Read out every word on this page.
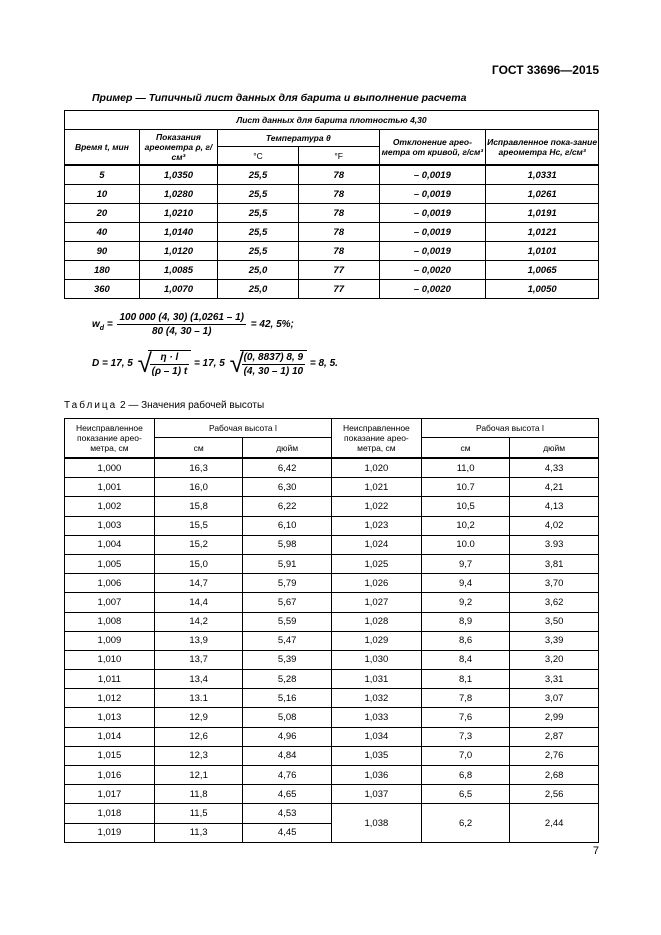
ГОСТ 33696—2015
Пример — Типичный лист данных для барита и выполнение расчета
Лист данных для барита плотностью 4,30					
Время t, мин	Показания ареометра ρ, г/см³	Температура θ		Отклонение арео-метра от кривой, г/см³	Исправленное пока-зание ареометра Hc, г/см³
		°C	°F		
5	1,0350	25,5	78	– 0,0019	1,0331
10	1,0280	25,5	78	– 0,0019	1,0261
20	1,0210	25,5	78	– 0,0019	1,0191
40	1,0140	25,5	78	– 0,0019	1,0121
90	1,0120	25,5	78	– 0,0019	1,0101
180	1,0085	25,0	77	– 0,0020	1,0065
360	1,0070	25,0	77	– 0,0020	1,0050
$w_d = \frac{100 000 (4, 30) (1,0261 - 1)}{80 (4, 30 - 1)} = 42$, 5%;
D = 17, 5 √
$\frac{\eta \cdot l}{(\rho - 1) t} = 17$, 5 √
$\frac{(0, 8837) 8, 9}{(4, 30 - 1) 10} = 8$, 5.
Таблица 2 — Значения рабочей высоты
Неисправленное показание арео-метра, см	Рабочая высота l		Неисправленное показание арео-метра, см	Рабочая высота l	
	см	дюйм		см	дюйм
1,000	16,3	6,42	1,020	11,0	4,33
1,001	16,0	6,30	1,021	10.7	4,21
1,002	15,8	6,22	1,022	10,5	4,13
1,003	15,5	6,10	1,023	10,2	4,02
1,004	15,2	5,98	1,024	10.0	3.93
1,005	15,0	5,91	1,025	9,7	3,81
1,006	14,7	5,79	1,026	9,4	3,70
1,007	14,4	5,67	1,027	9,2	3,62
1,008	14,2	5,59	1,028	8,9	3,50
1,009	13,9	5,47	1,029	8,6	3,39
1,010	13,7	5,39	1,030	8,4	3,20
1,011	13,4	5,28	1,031	8,1	3,31
1,012	13.1	5,16	1,032	7,8	3,07
1,013	12,9	5,08	1,033	7,6	2,99
1,014	12,6	4,96	1,034	7,3	2,87
1,015	12,3	4,84	1,035	7,0	2,76
1,016	12,1	4,76	1,036	6,8	2,68
1,017	11,8	4,65	1,037	6,5	2,56
1,018	11,5	4,53	1,038	6,2	2,44
1,019	11,3	4,45			
7
